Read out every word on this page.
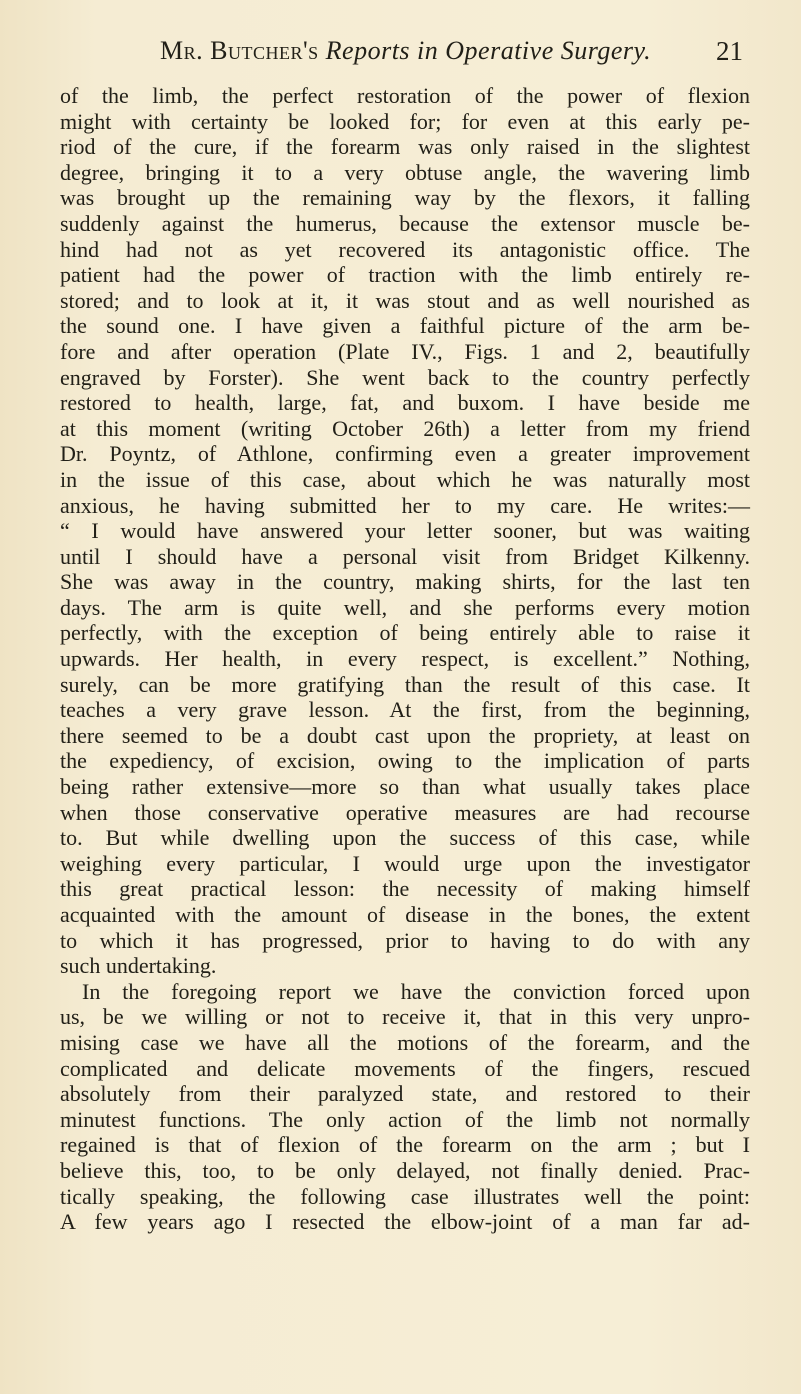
Mr. Butcher's Reports in Operative Surgery. 21
of the limb, the perfect restoration of the power of flexion
might with certainty be looked for; for even at this early pe-
riod of the cure, if the forearm was only raised in the slightest
degree, bringing it to a very obtuse angle, the wavering limb
was brought up the remaining way by the flexors, it falling
suddenly against the humerus, because the extensor muscle be-
hind had not as yet recovered its antagonistic office. The
patient had the power of traction with the limb entirely re-
stored; and to look at it, it was stout and as well nourished as
the sound one. I have given a faithful picture of the arm be-
fore and after operation (Plate IV., Figs. 1 and 2, beautifully
engraved by Forster). She went back to the country perfectly
restored to health, large, fat, and buxom. I have beside me
at this moment (writing October 26th) a letter from my friend
Dr. Poyntz, of Athlone, confirming even a greater improvement
in the issue of this case, about which he was naturally most
anxious, he having submitted her to my care. He writes:—
“ I would have answered your letter sooner, but was waiting
until I should have a personal visit from Bridget Kilkenny.
She was away in the country, making shirts, for the last ten
days. The arm is quite well, and she performs every motion
perfectly, with the exception of being entirely able to raise it
upwards. Her health, in every respect, is excellent.” Nothing,
surely, can be more gratifying than the result of this case. It
teaches a very grave lesson. At the first, from the beginning,
there seemed to be a doubt cast upon the propriety, at least on
the expediency, of excision, owing to the implication of parts
being rather extensive—more so than what usually takes place
when those conservative operative measures are had recourse
to. But while dwelling upon the success of this case, while
weighing every particular, I would urge upon the investigator
this great practical lesson: the necessity of making himself
acquainted with the amount of disease in the bones, the extent
to which it has progressed, prior to having to do with any
such undertaking.
In the foregoing report we have the conviction forced upon
us, be we willing or not to receive it, that in this very unpro-
mising case we have all the motions of the forearm, and the
complicated and delicate movements of the fingers, rescued
absolutely from their paralyzed state, and restored to their
minutest functions. The only action of the limb not normally
regained is that of flexion of the forearm on the arm ; but I
believe this, too, to be only delayed, not finally denied. Prac-
tically speaking, the following case illustrates well the point:
A few years ago I resected the elbow-joint of a man far ad-
